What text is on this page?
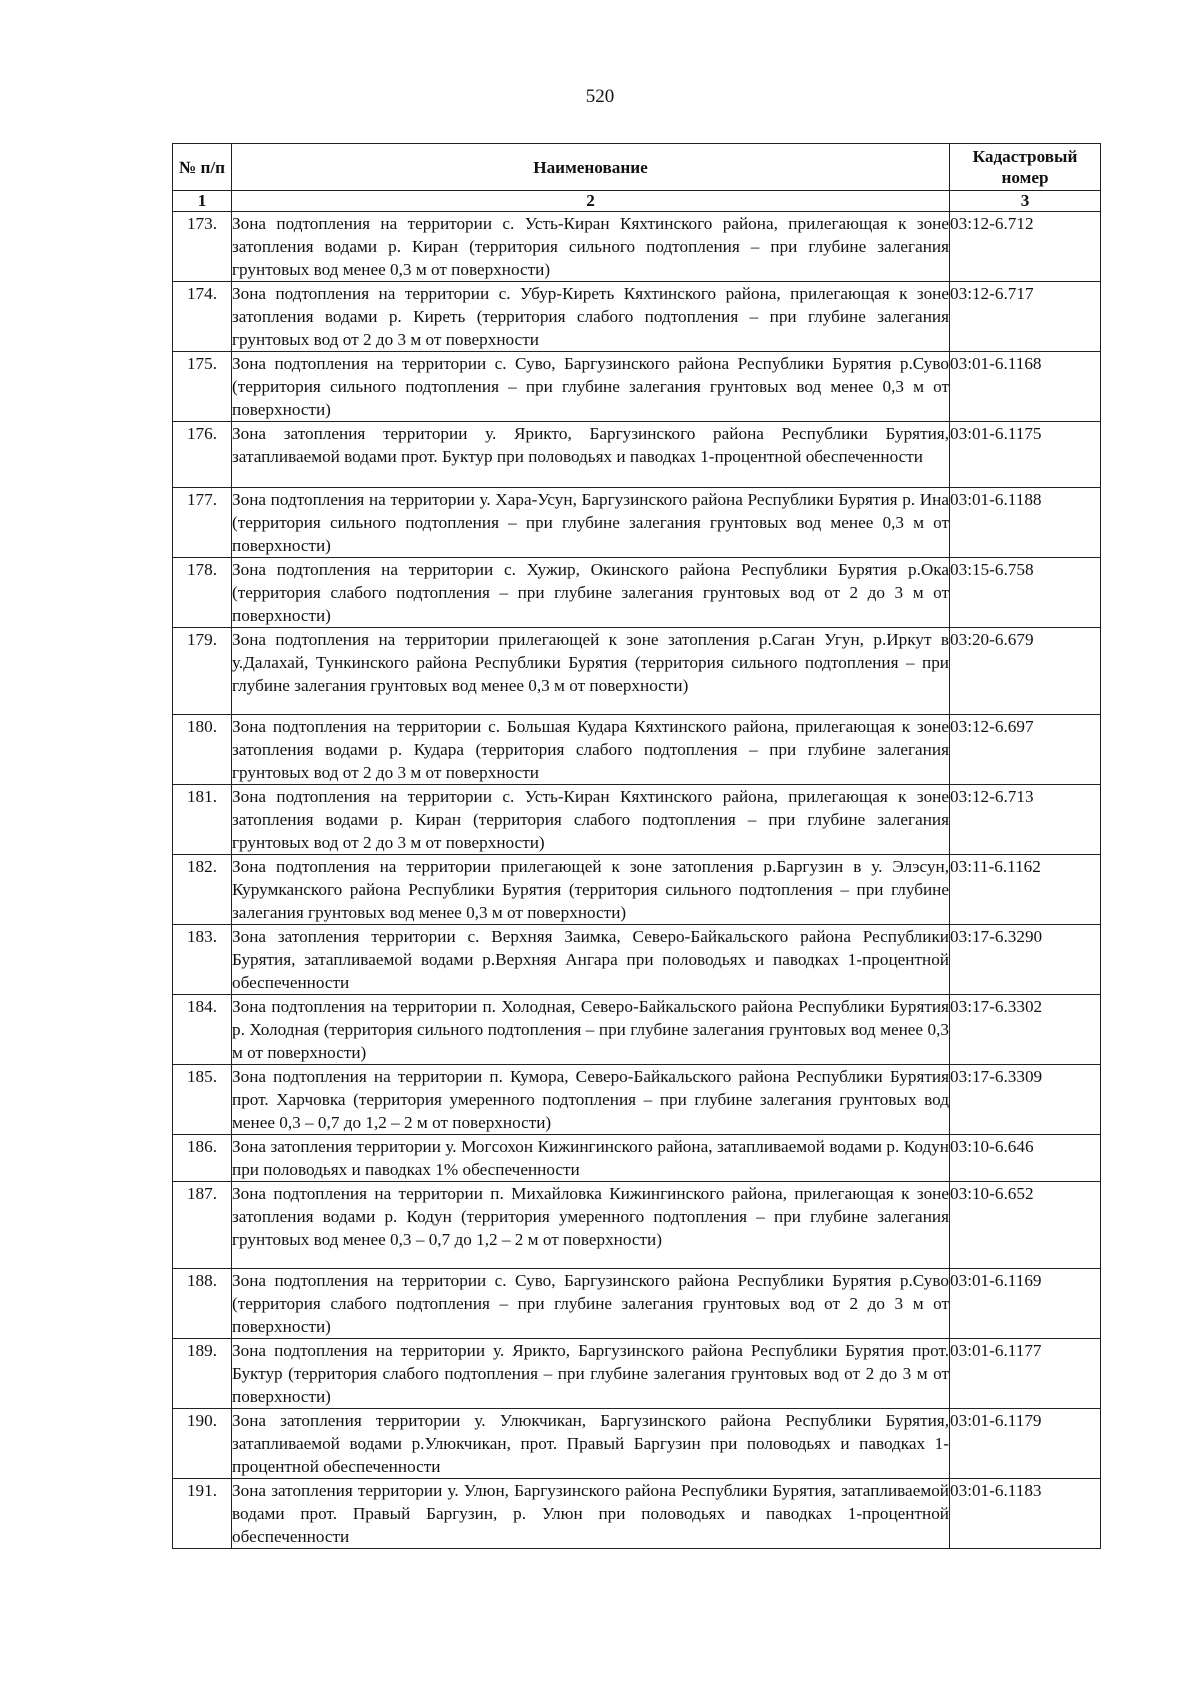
520
№ п/п	Наименование	Кадастровый номер
1	2	3
173.	Зона подтопления на территории с. Усть-Киран Кяхтинского района, прилегающая к зоне затопления водами р. Киран (территория сильного подтопления – при глубине залегания грунтовых вод менее 0,3 м от поверхности)	03:12-6.712
174.	Зона подтопления на территории с. Убур-Киреть Кяхтинского района, прилегающая к зоне затопления водами р. Киреть (территория слабого подтопления – при глубине залегания грунтовых вод от 2 до 3 м от поверхности	03:12-6.717
175.	Зона подтопления на территории с. Суво, Баргузинского района Республики Бурятия р.Суво (территория сильного подтопления – при глубине залегания грунтовых вод менее 0,3 м от поверхности)	03:01-6.1168
176.	Зона затопления территории у. Яриктo, Баргузинского района Республики Бурятия, затапливаемой водами прот. Буктур при половодьях и паводках 1-процентной обеспеченности	03:01-6.1175
177.	Зона подтопления на территории у. Хара-Усун, Баргузинского района Республики Бурятия р. Ина (территория сильного подтопления – при глубине залегания грунтовых вод менее 0,3 м от поверхности)	03:01-6.1188
178.	Зона подтопления на территории с. Хужир, Окинского района Республики Бурятия р.Ока (территория слабого подтопления – при глубине залегания грунтовых вод от 2 до 3 м от поверхности)	03:15-6.758
179.	Зона подтопления на территории прилегающей к зоне затопления р.Саган Угун, р.Иркут в у.Далахай, Тункинского района Республики Бурятия (территория сильного подтопления – при глубине залегания грунтовых вод менее 0,3 м от поверхности)	03:20-6.679
180.	Зона подтопления на территории с. Большая Кудара Кяхтинского района, прилегающая к зоне затопления водами р. Кудара (территория слабого подтопления – при глубине залегания грунтовых вод от 2 до 3 м от поверхности	03:12-6.697
181.	Зона подтопления на территории с. Усть-Киран Кяхтинского района, прилегающая к зоне затопления водами р. Киран (территория слабого подтопления – при глубине залегания грунтовых вод от 2 до 3 м от поверхности)	03:12-6.713
182.	Зона подтопления на территории прилегающей к зоне затопления р.Баргузин в у. Элэсун, Курумканского района Республики Бурятия (территория сильного подтопления – при глубине залегания грунтовых вод менее 0,3 м от поверхности)	03:11-6.1162
183.	Зона затопления территории с. Верхняя Заимка, Северо-Байкальского района Республики Бурятия, затапливаемой водами р.Верхняя Ангара при половодьях и паводках 1-процентной обеспеченности	03:17-6.3290
184.	Зона подтопления на территории п. Холодная, Северо-Байкальского района Республики Бурятия р. Холодная (территория сильного подтопления – при глубине залегания грунтовых вод менее 0,3 м от поверхности)	03:17-6.3302
185.	Зона подтопления на территории п. Кумора, Северо-Байкальского района Республики Бурятия прот. Харчовка (территория умеренного подтопления – при глубине залегания грунтовых вод менее 0,3 – 0,7 до 1,2 – 2 м от поверхности)	03:17-6.3309
186.	Зона затопления территории у. Могсохон Кижингинского района, затапливаемой водами р. Кодун при половодьях и паводках 1% обеспеченности	03:10-6.646
187.	Зона подтопления на территории п. Михайловка Кижингинского района, прилегающая к зоне затопления водами р. Кодун (территория умеренного подтопления – при глубине залегания грунтовых вод менее 0,3 – 0,7 до 1,2 – 2 м от поверхности)	03:10-6.652
188.	Зона подтопления на территории с. Суво, Баргузинского района Республики Бурятия р.Суво (территория слабого подтопления – при глубине залегания грунтовых вод от 2 до 3 м от поверхности)	03:01-6.1169
189.	Зона подтопления на территории у. Яриктo, Баргузинского района Республики Бурятия прот. Буктур (территория слабого подтопления – при глубине залегания грунтовых вод от 2 до 3 м от поверхности)	03:01-6.1177
190.	Зона затопления территории у. Улюкчикан, Баргузинского района Республики Бурятия, затапливаемой водами р.Улюкчикан, прот. Правый Баргузин при половодьях и паводках 1-процентной обеспеченности	03:01-6.1179
191.	Зона затопления территории у. Улюн, Баргузинского района Республики Бурятия, затапливаемой водами прот. Правый Баргузин, р. Улюн при половодьях и паводках 1-процентной обеспеченности	03:01-6.1183
